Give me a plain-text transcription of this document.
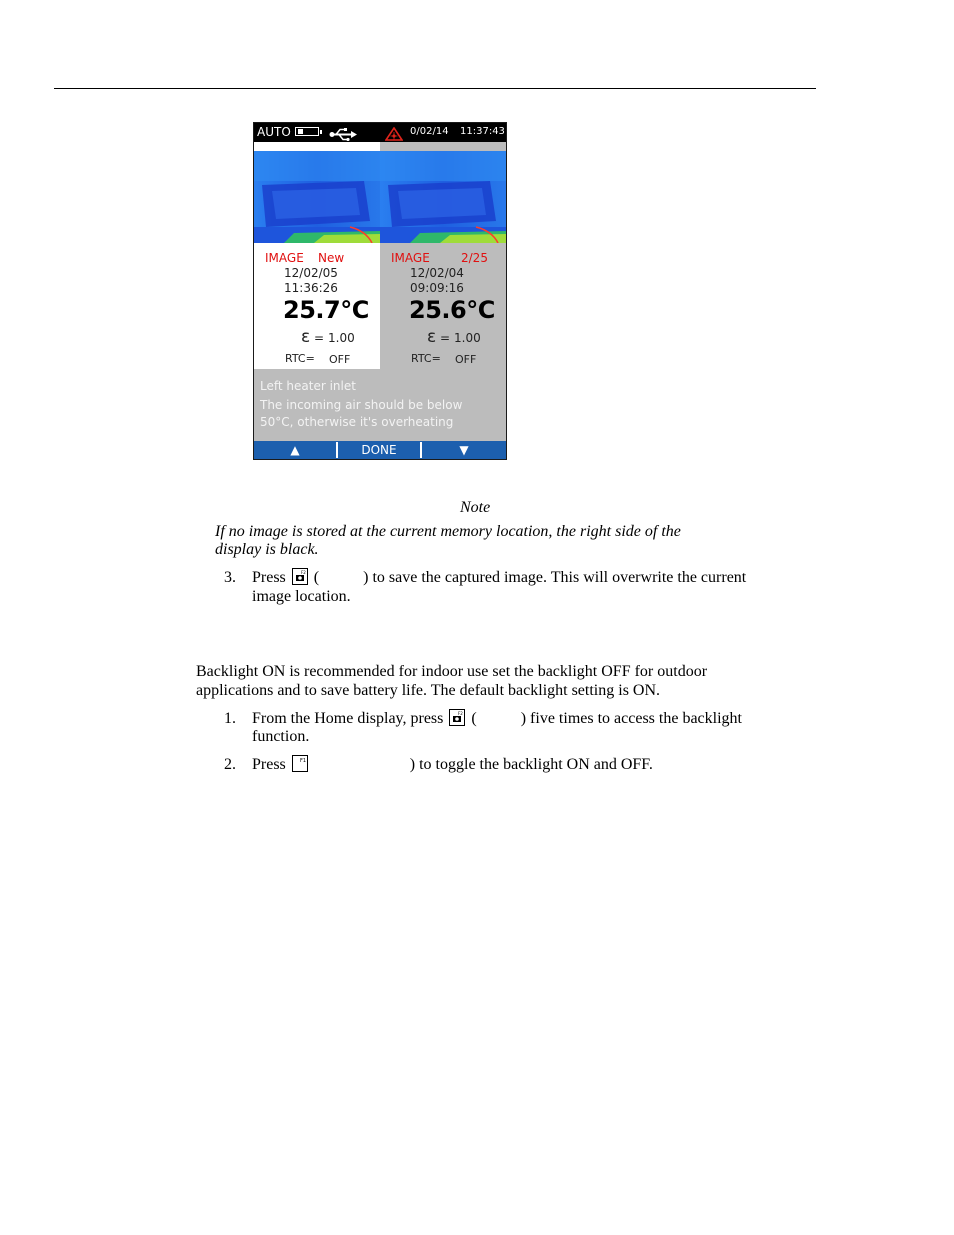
AUTO	0/02/14 11:37:43
IMAGE New
12/02/05
11:36:26
25.7°C
ε = 1.00
RTC= OFF
IMAGE	2/25
12/02/04
09:09:16
25.6°C
ε = 1.00
RTC= OFF
Left heater inlet
The incoming air should be below
50°C, otherwise it's overheating
▲	DONE	▼
Note
If no image is stored at the current memory location, the right side of the
display is black.
3. Press	F2 (	) to save the captured image. This will overwrite the current
image location.
Backlight ON is recommended for indoor use set the backlight OFF for outdoor
applications and to save battery life. The default backlight setting is ON.
1. From the Home display, press	F2 (	) five times to access the backlight
function.
2. Press	F1	) to toggle the backlight ON and OFF.
